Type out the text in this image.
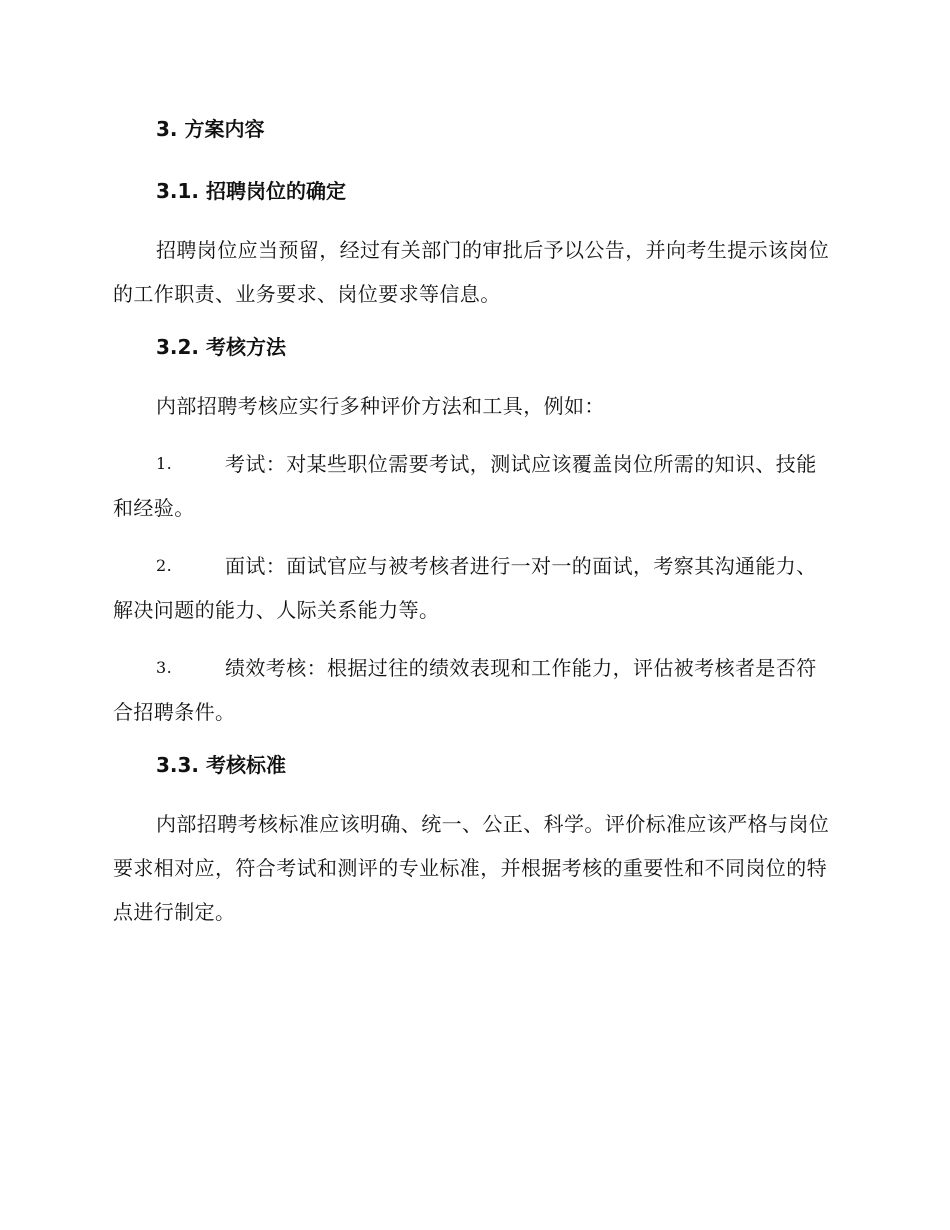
3. 方案内容
3.1. 招聘岗位的确定

招聘岗位应当预留，经过有关部门的审批后予以公告，并向考生提示该岗位的工作职责、业务要求、岗位要求等信息。

3.2. 考核方法

内部招聘考核应实行多种评价方法和工具，例如：

1.	考试：对某些职位需要考试，测试应该覆盖岗位所需的知识、技能和经验。
2.	面试：面试官应与被考核者进行一对一的面试，考察其沟通能力、解决问题的能力、人际关系能力等。
3.	绩效考核：根据过往的绩效表现和工作能力，评估被考核者是否符合招聘条件。
3.3. 考核标准

内部招聘考核标准应该明确、统一、公正、科学。评价标准应该严格与岗位要求相对应，符合考试和测评的专业标准，并根据考核的重要性和不同岗位的特点进行制定。
